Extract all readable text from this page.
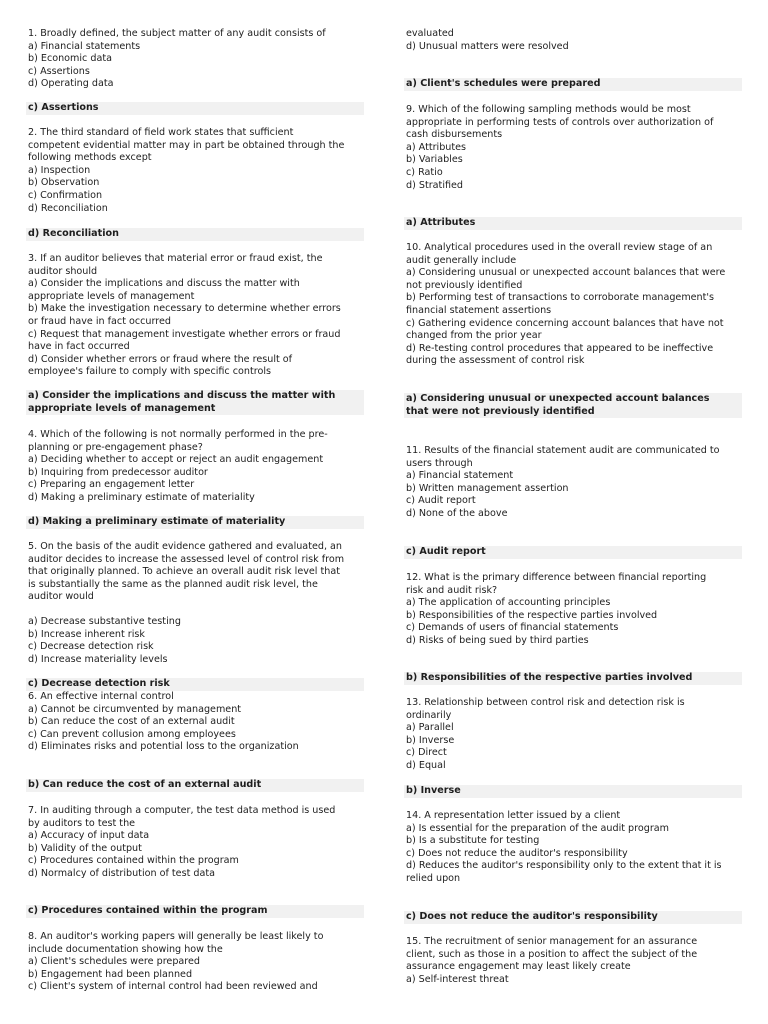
1. Broadly defined, the subject matter of any audit consists of
a) Financial statements
b) Economic data
c) Assertions
d) Operating data
c) Assertions
2. The third standard of field work states that sufficient
competent evidential matter may in part be obtained through the
following methods except
a) Inspection
b) Observation
c) Confirmation
d) Reconciliation
d) Reconciliation
3. If an auditor believes that material error or fraud exist, the
auditor should
a) Consider the implications and discuss the matter with
appropriate levels of management
b) Make the investigation necessary to determine whether errors
or fraud have in fact occurred
c) Request that management investigate whether errors or fraud
have in fact occurred
d) Consider whether errors or fraud where the result of
employee's failure to comply with specific controls
a) Consider the implications and discuss the matter with
appropriate levels of management
4. Which of the following is not normally performed in the pre-
planning or pre-engagement phase?
a) Deciding whether to accept or reject an audit engagement
b) Inquiring from predecessor auditor
c) Preparing an engagement letter
d) Making a preliminary estimate of materiality
d) Making a preliminary estimate of materiality
5. On the basis of the audit evidence gathered and evaluated, an
auditor decides to increase the assessed level of control risk from
that originally planned. To achieve an overall audit risk level that
is substantially the same as the planned audit risk level, the
auditor would
a) Decrease substantive testing
b) Increase inherent risk
c) Decrease detection risk
d) Increase materiality levels
c) Decrease detection risk
6. An effective internal control
a) Cannot be circumvented by management
b) Can reduce the cost of an external audit
c) Can prevent collusion among employees
d) Eliminates risks and potential loss to the organization
b) Can reduce the cost of an external audit
7. In auditing through a computer, the test data method is used
by auditors to test the
a) Accuracy of input data
b) Validity of the output
c) Procedures contained within the program
d) Normalcy of distribution of test data
c) Procedures contained within the program
8. An auditor's working papers will generally be least likely to
include documentation showing how the
a) Client's schedules were prepared
b) Engagement had been planned
c) Client's system of internal control had been reviewed and
evaluated
d) Unusual matters were resolved
a) Client's schedules were prepared
9. Which of the following sampling methods would be most
appropriate in performing tests of controls over authorization of
cash disbursements
a) Attributes
b) Variables
c) Ratio
d) Stratified
a) Attributes
10. Analytical procedures used in the overall review stage of an
audit generally include
a) Considering unusual or unexpected account balances that were
not previously identified
b) Performing test of transactions to corroborate management's
financial statement assertions
c) Gathering evidence concerning account balances that have not
changed from the prior year
d) Re-testing control procedures that appeared to be ineffective
during the assessment of control risk
a) Considering unusual or unexpected account balances
that were not previously identified
11. Results of the financial statement audit are communicated to
users through
a) Financial statement
b) Written management assertion
c) Audit report
d) None of the above
c) Audit report
12. What is the primary difference between financial reporting
risk and audit risk?
a) The application of accounting principles
b) Responsibilities of the respective parties involved
c) Demands of users of financial statements
d) Risks of being sued by third parties
b) Responsibilities of the respective parties involved
13. Relationship between control risk and detection risk is
ordinarily
a) Parallel
b) Inverse
c) Direct
d) Equal
b) Inverse
14. A representation letter issued by a client
a) Is essential for the preparation of the audit program
b) Is a substitute for testing
c) Does not reduce the auditor's responsibility
d) Reduces the auditor's responsibility only to the extent that it is
relied upon
c) Does not reduce the auditor's responsibility
15. The recruitment of senior management for an assurance
client, such as those in a position to affect the subject of the
assurance engagement may least likely create
a) Self-interest threat
